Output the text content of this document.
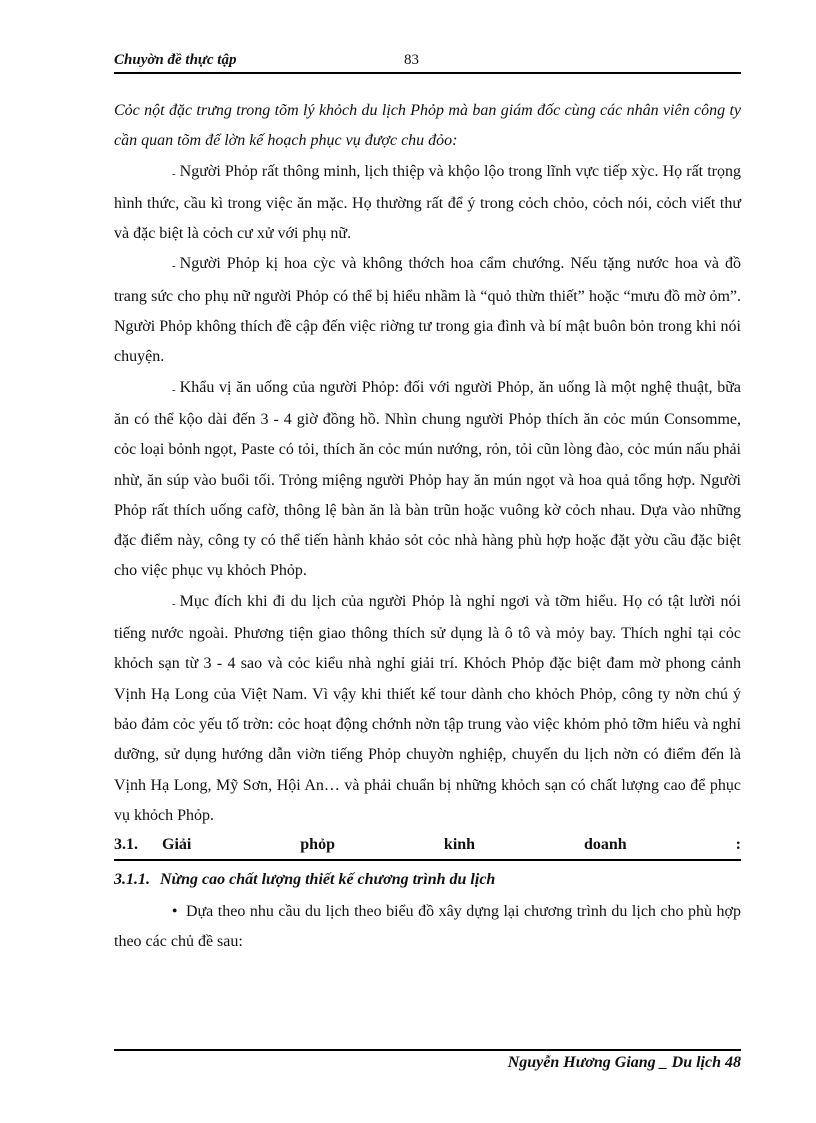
Chuyờn đề thực tập	83

Cỏc nột đặc trưng trong tõm lý khỏch du lịch Phỏp mà ban giám đốc cùng các nhân viên công ty cần quan tõm để lờn kế hoạch phục vụ được chu đỏo:

- Người Phỏp rất thông minh, lịch thiệp và khộo lộo trong lĩnh vực tiếp xỳc. Họ rất trọng hình thức, cầu kì trong việc ăn mặc. Họ thường rất để ý trong cỏch chỏo, cỏch nói, cỏch viết thư và đặc biệt là cỏch cư xử với phụ nữ.

- Người Phỏp kị hoa cỳc và không thớch hoa cẩm chướng. Nếu tặng nước hoa và đồ trang sức cho phụ nữ người Phỏp có thể bị hiểu nhầm là “quỏ thừn thiết” hoặc “mưu đồ mờ ỏm”. Người Phỏp không thích đề cập đến việc riờng tư trong gia đình và bí mật buôn bỏn trong khi nói chuyện.

- Khẩu vị ăn uống của người Phỏp: đối với người Phỏp, ăn uống là một nghệ thuật, bữa ăn có thể kộo dài đến 3 - 4 giờ đồng hồ. Nhìn chung người Phỏp thích ăn cỏc mún Consomme, cỏc loại bỏnh ngọt, Paste có tỏi, thích ăn cỏc mún nướng, rỏn, tỏi cũn lòng đào, cỏc mún nấu phải nhừ, ăn súp vào buổi tối. Trỏng miệng người Phỏp hay ăn mún ngọt và hoa quả tổng hợp. Người Phỏp rất thích uống cafờ, thông lệ bàn ăn là bàn trũn hoặc vuông kờ cỏch nhau. Dựa vào những đặc điểm này, công ty có thể tiến hành khảo sỏt cỏc nhà hàng phù hợp hoặc đặt yờu cầu đặc biệt cho việc phục vụ khỏch Phỏp.

- Mục đích khi đi du lịch của người Phỏp là nghỉ ngơi và tỡm hiểu. Họ có tật lười nói tiếng nước ngoài. Phương tiện giao thông thích sử dụng là ô tô và mỏy bay. Thích nghỉ tại cỏc khỏch sạn từ 3 - 4 sao và cỏc kiểu nhà nghỉ giải trí. Khỏch Phỏp đặc biệt đam mờ phong cảnh Vịnh Hạ Long của Việt Nam. Vì vậy khi thiết kế tour dành cho khỏch Phỏp, công ty nờn chú ý bảo đảm cỏc yếu tố trờn: cỏc hoạt động chớnh nờn tập trung vào việc khỏm phỏ tỡm hiểu và nghỉ dưỡng, sử dụng hướng dẫn viờn tiếng Phỏp chuyờn nghiệp, chuyến du lịch nờn có điểm đến là Vịnh Hạ Long, Mỹ Sơn, Hội An… và phải chuẩn bị những khỏch sạn có chất lượng cao để phục vụ khỏch Phỏp.

3.1.	Giải	phỏp	kinh	doanh	:

3.1.1. Nừng cao chất lượng thiết kế chương trình du lịch

● Dựa theo nhu cầu du lịch theo biểu đồ xây dựng lại chương trình du lịch cho phù hợp theo các chủ đề sau:

Nguyễn Hương Giang _ Du lịch 48
